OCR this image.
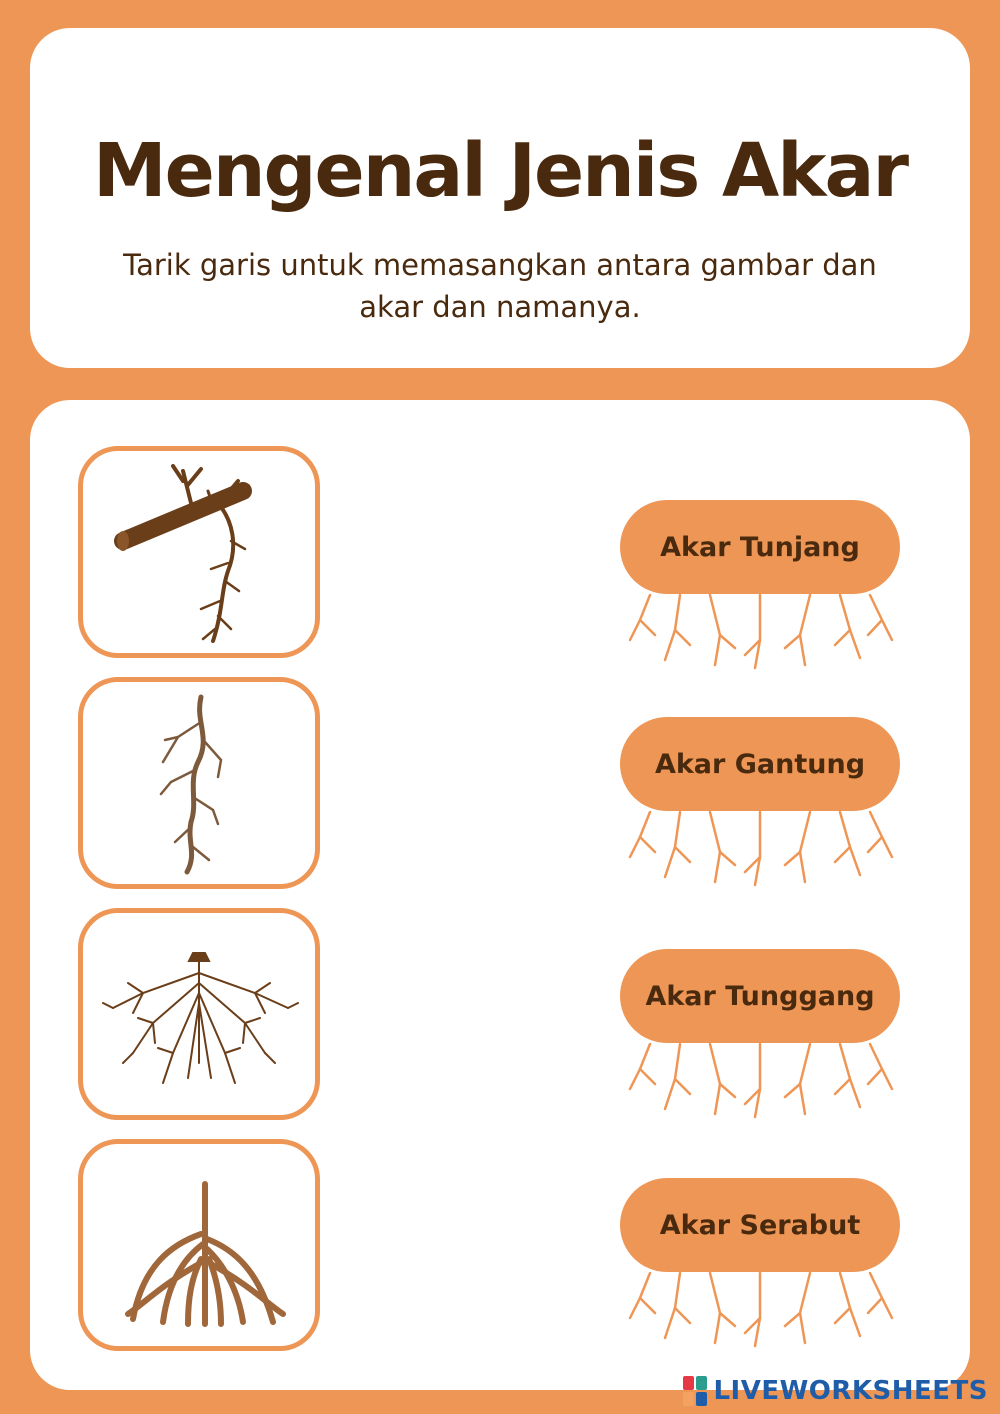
Mengenal Jenis Akar

Tarik garis untuk memasangkan antara gambar dan akar dan namanya.

Akar Tunjang
Akar Gantung
Akar Tunggang
Akar Serabut
LIVEWORKSHEETS
